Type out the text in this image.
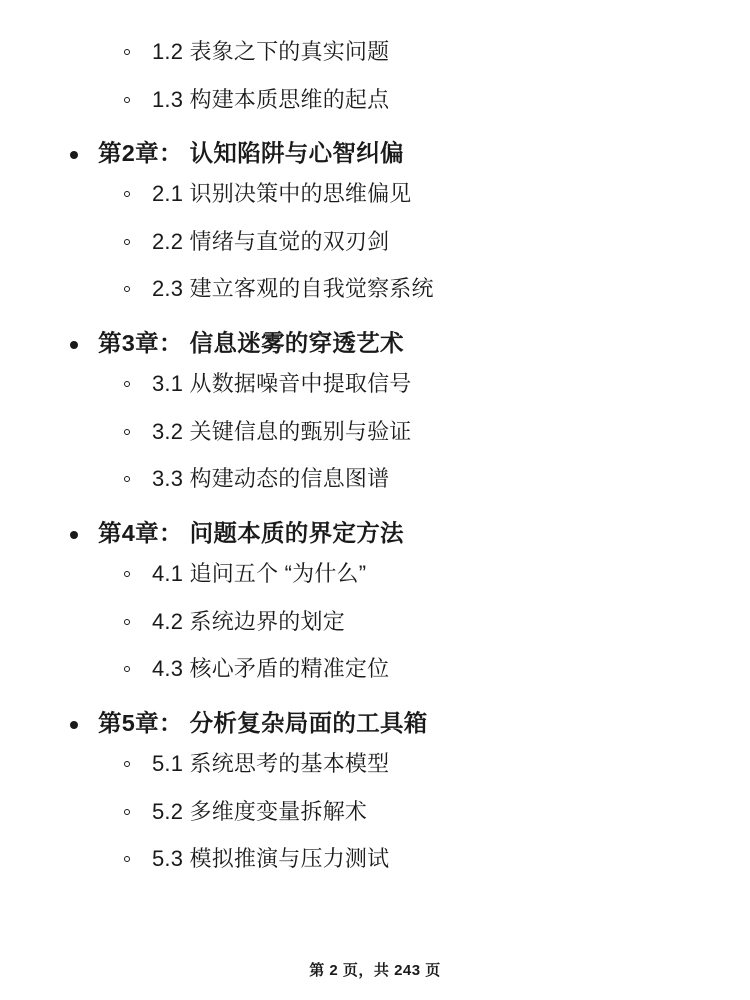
1.2 表象之下的真实问题
1.3 构建本质思维的起点
第2章： 认知陷阱与心智纠偏
2.1 识别决策中的思维偏见
2.2 情绪与直觉的双刃剑
2.3 建立客观的自我觉察系统
第3章： 信息迷雾的穿透艺术
3.1 从数据噪音中提取信号
3.2 关键信息的甄别与验证
3.3 构建动态的信息图谱
第4章： 问题本质的界定方法
4.1 追问五个 “为什么”
4.2 系统边界的划定
4.3 核心矛盾的精准定位
第5章： 分析复杂局面的工具箱
5.1 系统思考的基本模型
5.2 多维度变量拆解术
5.3 模拟推演与压力测试
第 2 页，共 243 页
